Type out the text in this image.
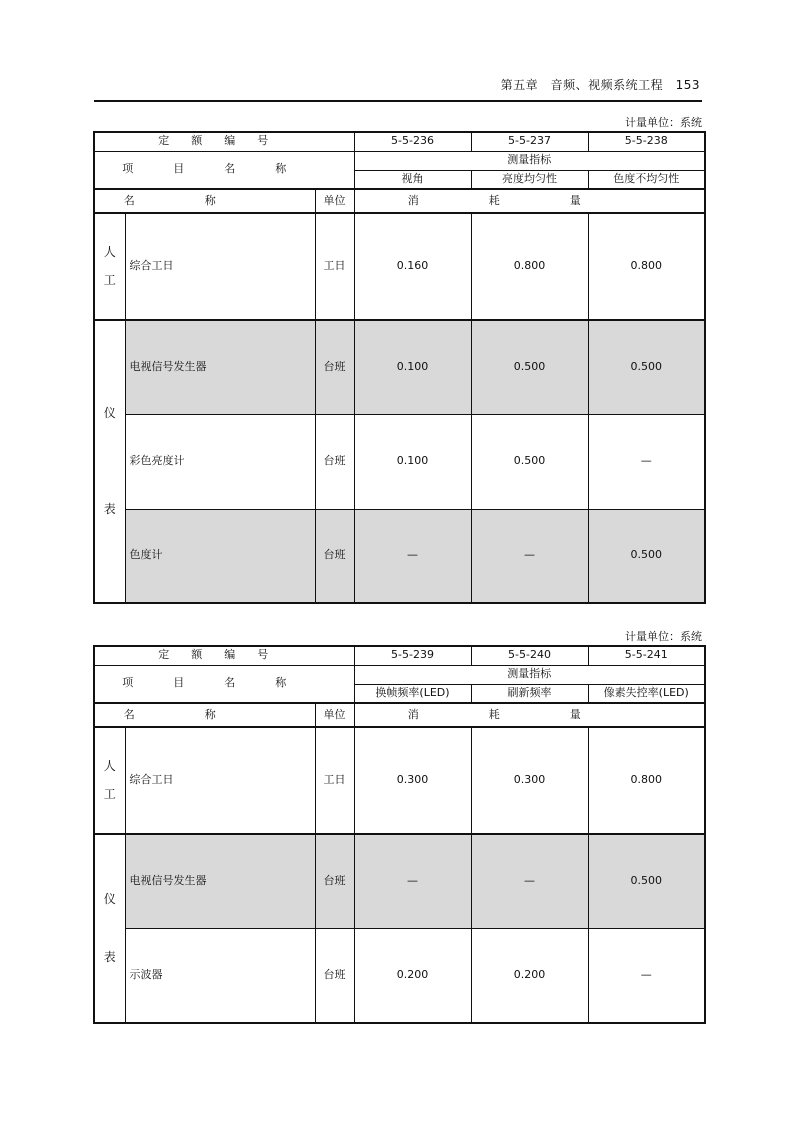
第五章　音频、视频系统工程　153
计量单位：系统
定额编号			5-5-236	5-5-237	5-5-238
项目名称			测量指标		
			视角	亮度均匀性	色度不均匀性
名称		单位	消耗量		

人
工	综合工日	工日	0.160	0.800	0.800

仪
表	电视信号发生器	台班	0.100	0.500	0.500
	彩色亮度计	台班	0.100	0.500	—
	色度计	台班	—	—	0.500
计量单位：系统
定额编号			5-5-239	5-5-240	5-5-241
项目名称			测量指标		
			换帧频率(LED)	刷新频率	像素失控率(LED)
名称		单位	消耗量		

人
工	综合工日	工日	0.300	0.300	0.800

仪
表	电视信号发生器	台班	—	—	0.500
	示波器	台班	0.200	0.200	—
